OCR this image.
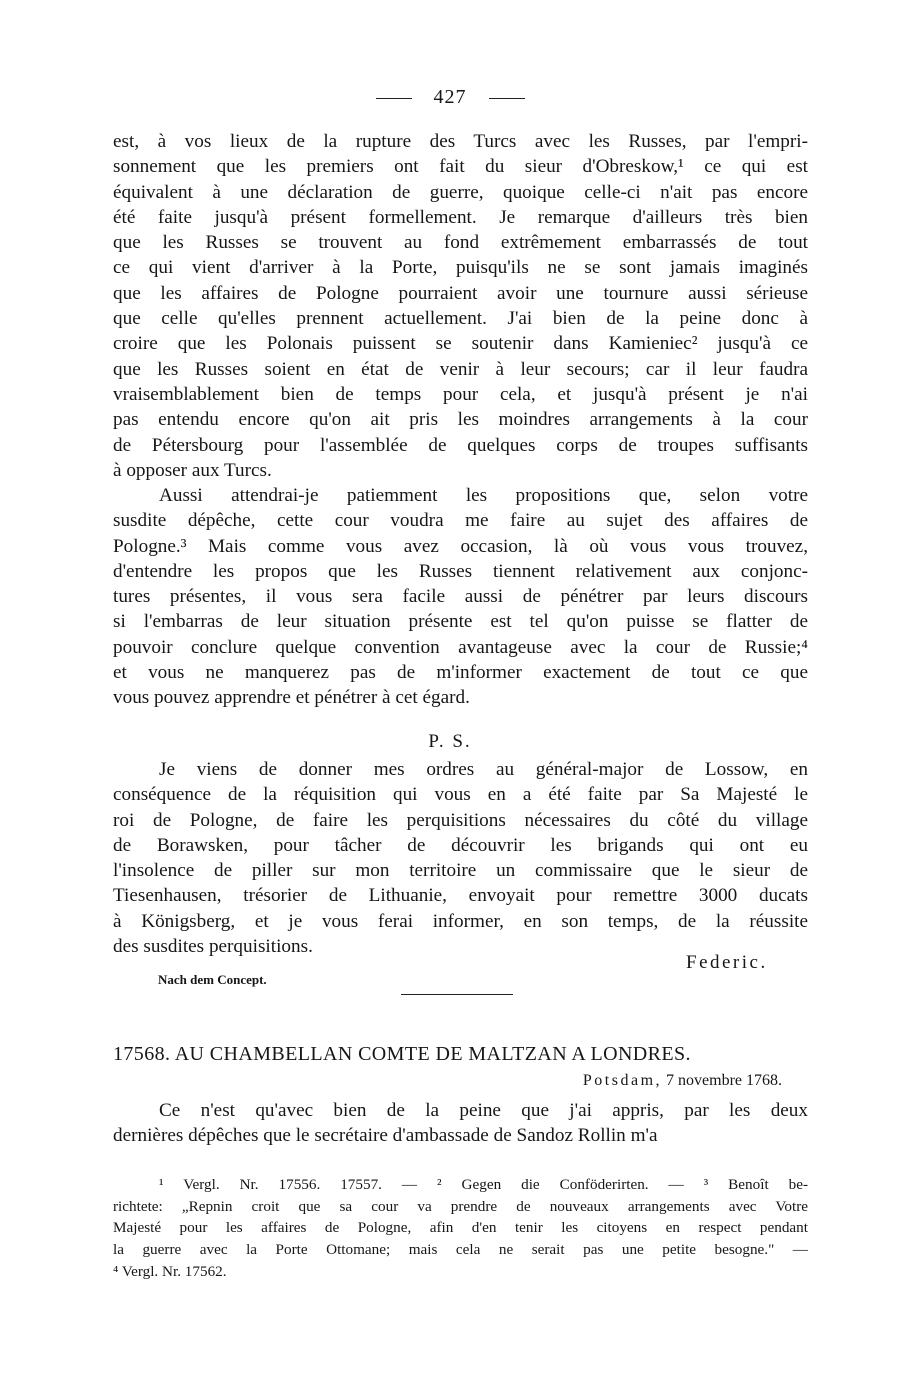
427
est, à vos lieux de la rupture des Turcs avec les Russes, par l'empri-
sonnement que les premiers ont fait du sieur d'Obreskow,¹ ce qui est
équivalent à une déclaration de guerre, quoique celle-ci n'ait pas encore
été faite jusqu'à présent formellement. Je remarque d'ailleurs très bien
que les Russes se trouvent au fond extrêmement embarrassés de tout
ce qui vient d'arriver à la Porte, puisqu'ils ne se sont jamais imaginés
que les affaires de Pologne pourraient avoir une tournure aussi sérieuse
que celle qu'elles prennent actuellement. J'ai bien de la peine donc à
croire que les Polonais puissent se soutenir dans Kamieniec² jusqu'à ce
que les Russes soient en état de venir à leur secours; car il leur faudra
vraisemblablement bien de temps pour cela, et jusqu'à présent je n'ai
pas entendu encore qu'on ait pris les moindres arrangements à la cour
de Pétersbourg pour l'assemblée de quelques corps de troupes suffisants
à opposer aux Turcs.
Aussi attendrai-je patiemment les propositions que, selon votre
susdite dépêche, cette cour voudra me faire au sujet des affaires de
Pologne.³ Mais comme vous avez occasion, là où vous vous trouvez,
d'entendre les propos que les Russes tiennent relativement aux conjonc-
tures présentes, il vous sera facile aussi de pénétrer par leurs discours
si l'embarras de leur situation présente est tel qu'on puisse se flatter de
pouvoir conclure quelque convention avantageuse avec la cour de Russie;⁴
et vous ne manquerez pas de m'informer exactement de tout ce que
vous pouvez apprendre et pénétrer à cet égard.
P. S.
Je viens de donner mes ordres au général-major de Lossow, en
conséquence de la réquisition qui vous en a été faite par Sa Majesté le
roi de Pologne, de faire les perquisitions nécessaires du côté du village
de Borawsken, pour tâcher de découvrir les brigands qui ont eu
l'insolence de piller sur mon territoire un commissaire que le sieur de
Tiesenhausen, trésorier de Lithuanie, envoyait pour remettre 3000 ducats
à Königsberg, et je vous ferai informer, en son temps, de la réussite
des susdites perquisitions.
Federic.
Nach dem Concept.
17568. AU CHAMBELLAN COMTE DE MALTZAN A LONDRES.
Potsdam, 7 novembre 1768.
Ce n'est qu'avec bien de la peine que j'ai appris, par les deux
dernières dépêches que le secrétaire d'ambassade de Sandoz Rollin m'a
¹ Vergl. Nr. 17556. 17557. — ² Gegen die Conföderirten. — ³ Benoît be-
richtete: „Repnin croit que sa cour va prendre de nouveaux arrangements avec Votre
Majesté pour les affaires de Pologne, afin d'en tenir les citoyens en respect pendant
la guerre avec la Porte Ottomane; mais cela ne serait pas une petite besogne." —
⁴ Vergl. Nr. 17562.
